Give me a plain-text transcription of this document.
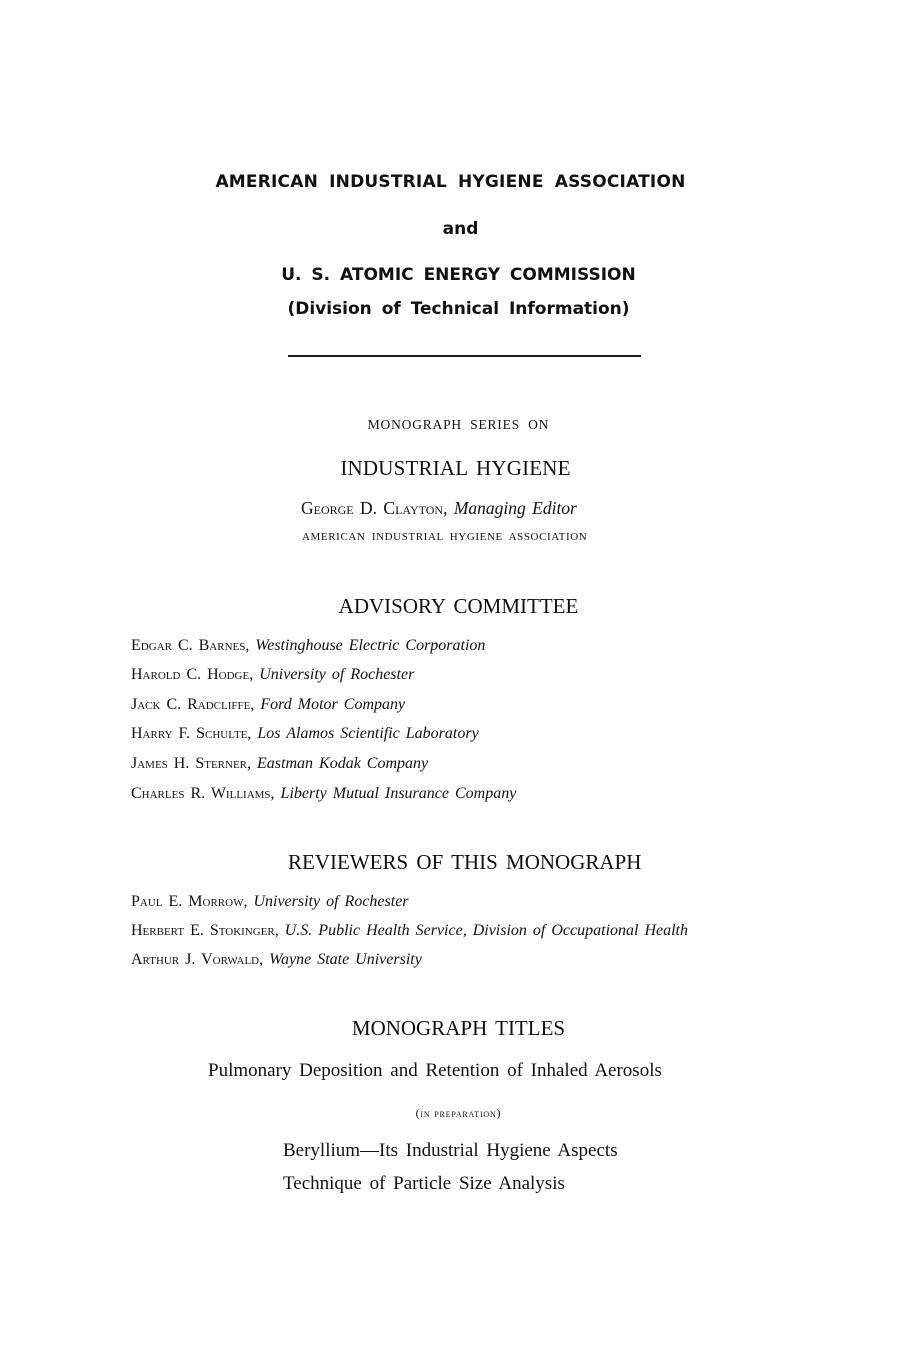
AMERICAN INDUSTRIAL HYGIENE ASSOCIATION
and
U. S. ATOMIC ENERGY COMMISSION
(Division of Technical Information)
MONOGRAPH SERIES ON
INDUSTRIAL HYGIENE
George D. Clayton, Managing Editor
AMERICAN INDUSTRIAL HYGIENE ASSOCIATION
ADVISORY COMMITTEE
Edgar C. Barnes, Westinghouse Electric Corporation
Harold C. Hodge, University of Rochester
Jack C. Radcliffe, Ford Motor Company
Harry F. Schulte, Los Alamos Scientific Laboratory
James H. Sterner, Eastman Kodak Company
Charles R. Williams, Liberty Mutual Insurance Company
REVIEWERS OF THIS MONOGRAPH
Paul E. Morrow, University of Rochester
Herbert E. Stokinger, U.S. Public Health Service, Division of Occupational Health
Arthur J. Vorwald, Wayne State University
MONOGRAPH TITLES
Pulmonary Deposition and Retention of Inhaled Aerosols
(in preparation)
Beryllium—Its Industrial Hygiene Aspects
Technique of Particle Size Analysis
